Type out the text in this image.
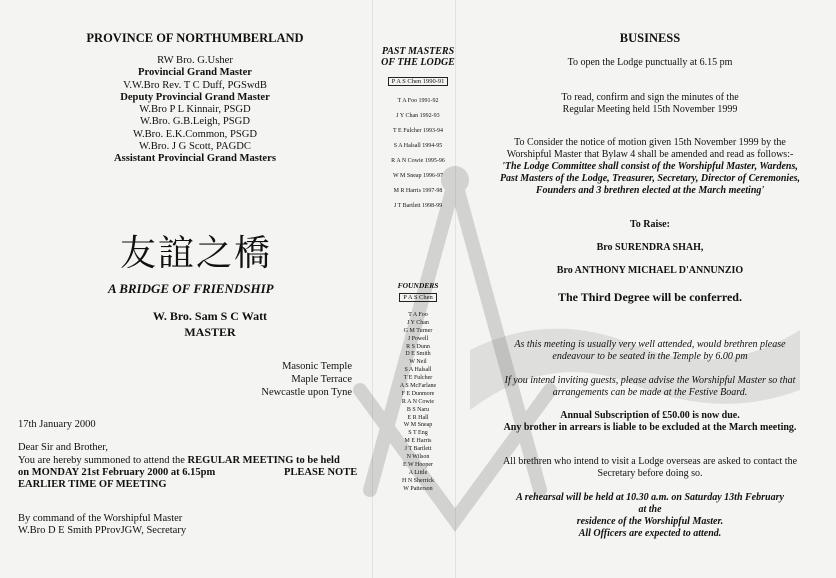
PROVINCE OF NORTHUMBERLAND
RW Bro. G.Usher
Provincial Grand Master
V.W.Bro Rev. T C Duff, PGSwdB
Deputy Provincial Grand Master
W.Bro P L Kinnair, PSGD
W.Bro. G.B.Leigh, PSGD
W.Bro. E.K.Common, PSGD
W.Bro. J G Scott, PAGDC
Assistant Provincial Grand Masters
友誼之橋
A BRIDGE OF FRIENDSHIP
W. Bro. Sam S C Watt
MASTER
Masonic Temple
Maple Terrace
Newcastle upon Tyne
17th January 2000
Dear Sir and Brother,
You are hereby summoned to attend the REGULAR MEETING to be held
on MONDAY 21st February 2000 at 6.15pm	PLEASE NOTE
EARLIER TIME OF MEETING
By command of the Worshipful Master
W.Bro D E Smith PProvJGW, Secretary
PAST MASTERS
OF THE LODGE
P A S Chen 1990-91
T A Foo 1991-92
J Y Chan 1992-93
T E Fulcher 1993-94
S A Halsall 1994-95
R A N Cowie 1995-96
W M Sneap 1996-97
M R Harris 1997-98
J T Bartlett 1998-99
FOUNDERS
P A S Chen
T A Foo
J Y Chan
G M Turner
J Powell
R S Dunn
D E Smith
W Neil
S A Halsall
T E Fulcher
A S McFarlane
F E Dunmore
R A N Cowie
B S Naru
E R Hall
W M Sneap
S T Eng
M E Harris
J T Bartlett
N Wilson
E W Hooper
A Little
H N Sherrick
W Patterson
BUSINESS
To open the Lodge punctually at 6.15 pm
To read, confirm and sign the minutes of the
Regular Meeting held 15th November 1999
To Consider the notice of motion given 15th November 1999 by the
Worshipful Master that Bylaw 4 shall be amended and read as follows:-
'The Lodge Committee shall consist of the Worshipful Master, Wardens,
Past Masters of the Lodge, Treasurer, Secretary, Director of Ceremonies,
Founders and 3 brethren elected at the March meeting'
To Raise:
Bro SURENDRA SHAH,
Bro ANTHONY MICHAEL D'ANNUNZIO
The Third Degree will be conferred.
As this meeting is usually very well attended, would brethren please
endeavour to be seated in the Temple by 6.00 pm
If you intend inviting guests, please advise the Worshipful Master so that
arrangements can be made at the Festive Board.
Annual Subscription of £50.00 is now due.
Any brother in arrears is liable to be excluded at the March meeting.
All brethren who intend to visit a Lodge overseas are asked to contact the
Secretary before doing so.
A rehearsal will be held at 10.30 a.m. on Saturday 13th February
at the
residence of the Worshipful Master.
All Officers are expected to attend.
